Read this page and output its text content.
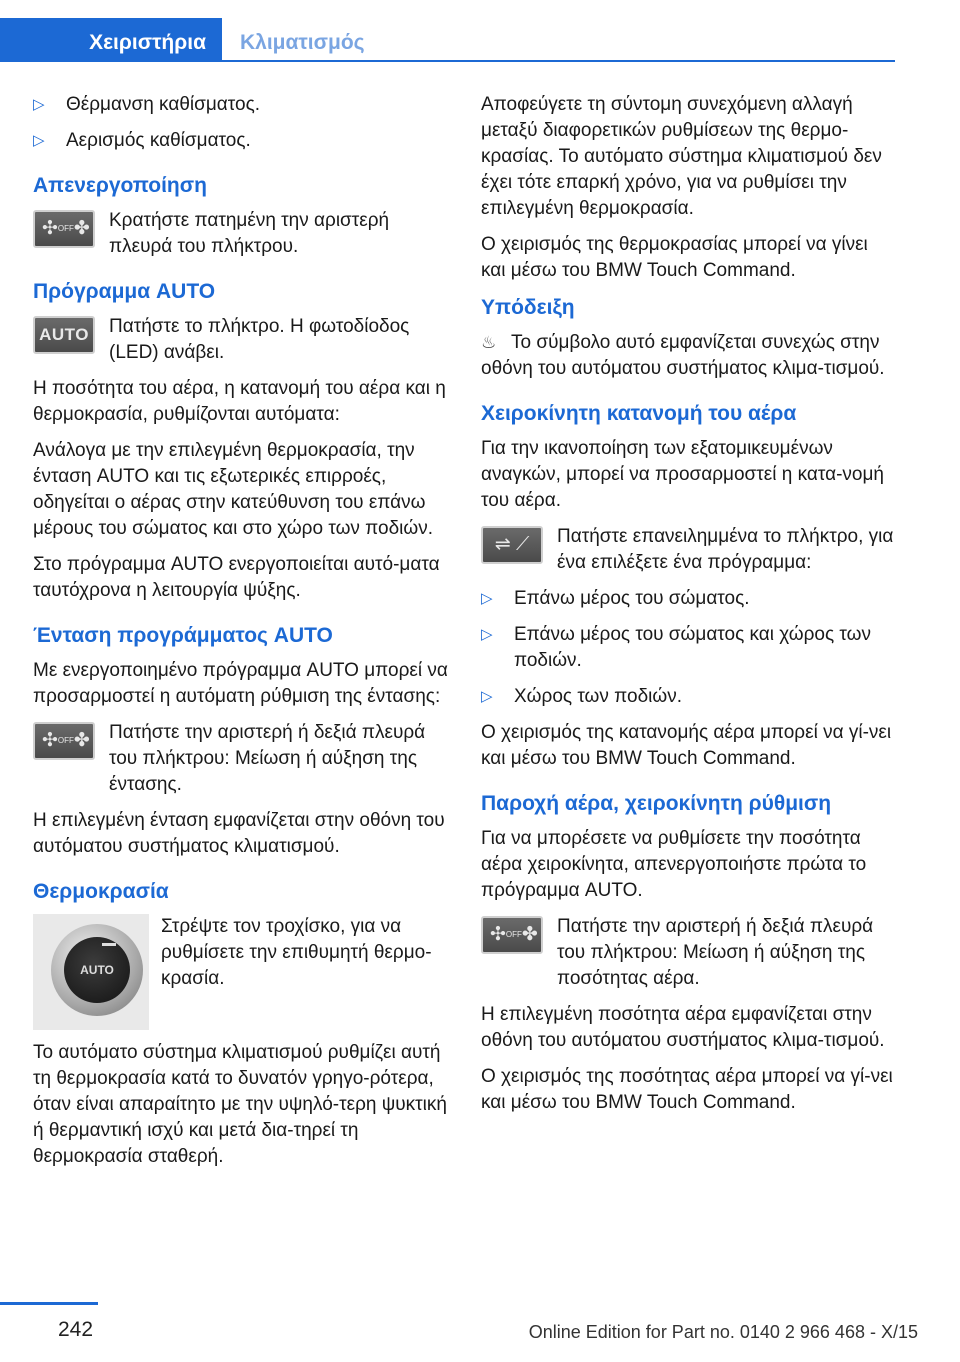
Χειριστήρια	Κλιματισμός
▷ Θέρμανση καθίσματος.
▷ Αερισμός καθίσματος.
Απενεργοποίηση
✣ OFF ✤ Κρατήστε πατημένη την αριστερή πλευρά του πλήκτρου.
Πρόγραμμα AUTO
AUTO	Πατήστε το πλήκτρο. Η φωτοδίοδος (LED) ανάβει.

Η ποσότητα του αέρα, η κατανομή του αέρα και η θερμοκρασία, ρυθμίζονται αυτόματα:

Ανάλογα με την επιλεγμένη θερμοκρασία, την ένταση AUTO και τις εξωτερικές επιρροές, οδηγείται ο αέρας στην κατεύθυνση του επάνω μέρους του σώματος και στο χώρο των ποδιών.

Στο πρόγραμμα AUTO ενεργοποιείται αυτό-ματα ταυτόχρονα η λειτουργία ψύξης.

Ένταση προγράμματος AUTO

Με ενεργοποιημένο πρόγραμμα AUTO μπορεί να προσαρμοστεί η αυτόματη ρύθμιση της έντασης:

✣ OFF ✤ Πατήστε την αριστερή ή δεξιά πλευρά του πλήκτρου: Μείωση ή αύξηση της έντασης.

Η επιλεγμένη ένταση εμφανίζεται στην οθόνη του αυτόματου συστήματος κλιματισμού.

Θερμοκρασία
AUTO
Στρέψτε τον τροχίσκο, για να ρυθμίσετε την επιθυμητή θερμο-κρασία.

Το αυτόματο σύστημα κλιματισμού ρυθμίζει αυτή τη θερμοκρασία κατά το δυνατόν γρηγο-ρότερα, όταν είναι απαραίτητο με την υψηλό-τερη ψυκτική ή θερμαντική ισχύ και μετά δια-τηρεί τη θερμοκρασία σταθερή.

Αποφεύγετε τη σύντομη συνεχόμενη αλλαγή μεταξύ διαφορετικών ρυθμίσεων της θερμο-κρασίας. Το αυτόματο σύστημα κλιματισμού δεν έχει τότε επαρκή χρόνο, για να ρυθμίσει την επιλεγμένη θερμοκρασία.

Ο χειρισμός της θερμοκρασίας μπορεί να γίνει και μέσω του BMW Touch Command.

Υπόδειξη

♨ Το σύμβολο αυτό εμφανίζεται συνεχώς στην οθόνη του αυτόματου συστήματος κλιμα-τισμού.

Χειροκίνητη κατανομή του αέρα

Για την ικανοποίηση των εξατομικευμένων αναγκών, μπορεί να προσαρμοστεί η κατα-νομή του αέρα.

⇌ ⟋ Πατήστε επανειλημμένα το πλήκτρο, για ένα επιλέξετε ένα πρόγραμμα:
▷ Επάνω μέρος του σώματος.
▷ Επάνω μέρος του σώματος και χώρος των ποδιών.
▷ Χώρος των ποδιών.

Ο χειρισμός της κατανομής αέρα μπορεί να γί-νει και μέσω του BMW Touch Command.

Παροχή αέρα, χειροκίνητη ρύθμιση

Για να μπορέσετε να ρυθμίσετε την ποσότητα αέρα χειροκίνητα, απενεργοποιήστε πρώτα το πρόγραμμα AUTO.

✣ OFF ✤ Πατήστε την αριστερή ή δεξιά πλευρά του πλήκτρου: Μείωση ή αύξηση της ποσότητας αέρα.

Η επιλεγμένη ποσότητα αέρα εμφανίζεται στην οθόνη του αυτόματου συστήματος κλιμα-τισμού.

Ο χειρισμός της ποσότητας αέρα μπορεί να γί-νει και μέσω του BMW Touch Command.

242	Online Edition for Part no. 0140 2 966 468 - X/15
